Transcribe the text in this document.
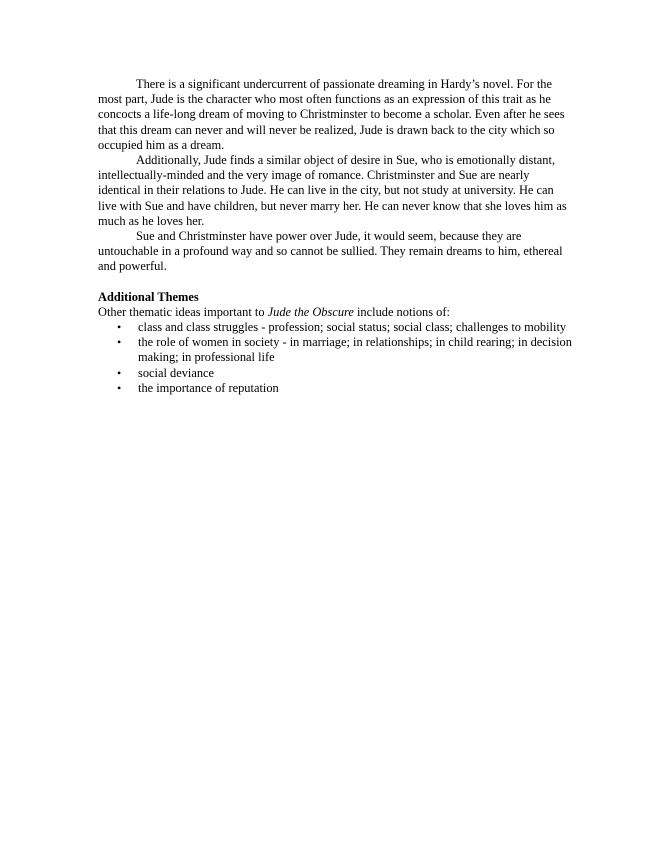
There is a significant undercurrent of passionate dreaming in Hardy’s novel. For the most part, Jude is the character who most often functions as an expression of this trait as he concocts a life-long dream of moving to Christminster to become a scholar. Even after he sees that this dream can never and will never be realized, Jude is drawn back to the city which so occupied him as a dream.

Additionally, Jude finds a similar object of desire in Sue, who is emotionally distant, intellectually-minded and the very image of romance. Christminster and Sue are nearly identical in their relations to Jude. He can live in the city, but not study at university. He can live with Sue and have children, but never marry her. He can never know that she loves him as much as he loves her.

Sue and Christminster have power over Jude, it would seem, because they are untouchable in a profound way and so cannot be sullied. They remain dreams to him, ethereal and powerful.

Additional Themes

Other thematic ideas important to Jude the Obscure include notions of:

• class and class struggles - profession; social status; social class; challenges to mobility
• the role of women in society - in marriage; in relationships; in child rearing; in decision making; in professional life
• social deviance
• the importance of reputation
